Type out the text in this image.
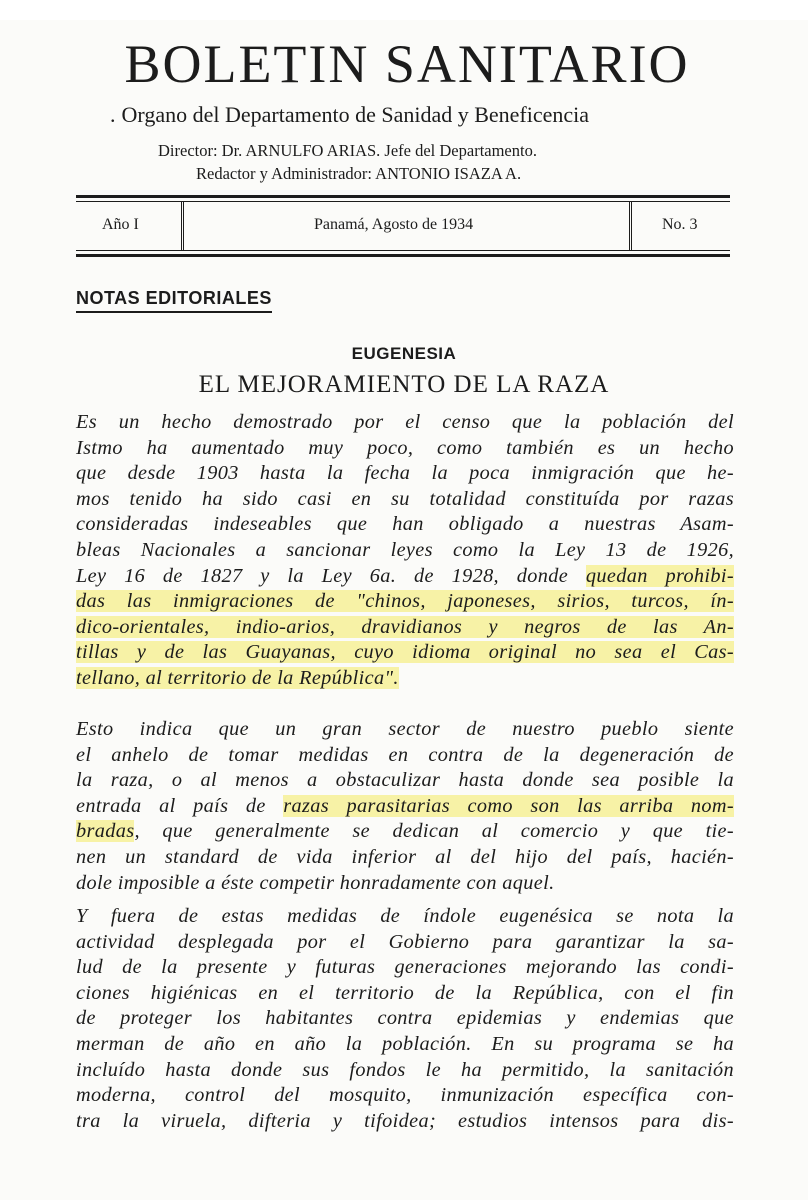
BOLETIN SANITARIO
. Organo del Departamento de Sanidad y Beneficencia
Director: Dr. ARNULFO ARIAS. Jefe del Departamento.
Redactor y Administrador: ANTONIO ISAZA A.
Año I	Panamá, Agosto de 1934	No. 3
NOTAS EDITORIALES
EUGENESIA
EL MEJORAMIENTO DE LA RAZA
Es un hecho demostrado por el censo que la población del
Istmo ha aumentado muy poco, como también es un hecho
que desde 1903 hasta la fecha la poca inmigración que he-
mos tenido ha sido casi en su totalidad constituída por razas
consideradas indeseables que han obligado a nuestras Asam-
bleas Nacionales a sancionar leyes como la Ley 13 de 1926,
Ley 16 de 1827 y la Ley 6a. de 1928, donde quedan prohibi-
das las inmigraciones de "chinos, japoneses, sirios, turcos, ín-
dico-orientales, indio-arios, dravidianos y negros de las An-
tillas y de las Guayanas, cuyo idioma original no sea el Cas-
tellano, al territorio de la República".
Esto indica que un gran sector de nuestro pueblo siente
el anhelo de tomar medidas en contra de la degeneración de
la raza, o al menos a obstaculizar hasta donde sea posible la
entrada al país de razas parasitarias como son las arriba nom-
bradas, que generalmente se dedican al comercio y que tie-
nen un standard de vida inferior al del hijo del país, hacién-
dole imposible a éste competir honradamente con aquel.
Y fuera de estas medidas de índole eugenésica se nota la
actividad desplegada por el Gobierno para garantizar la sa-
lud de la presente y futuras generaciones mejorando las condi-
ciones higiénicas en el territorio de la República, con el fin
de proteger los habitantes contra epidemias y endemias que
merman de año en año la población. En su programa se ha
incluído hasta donde sus fondos le ha permitido, la sanitación
moderna, control del mosquito, inmunización específica con-
tra la viruela, difteria y tifoidea; estudios intensos para dis-
